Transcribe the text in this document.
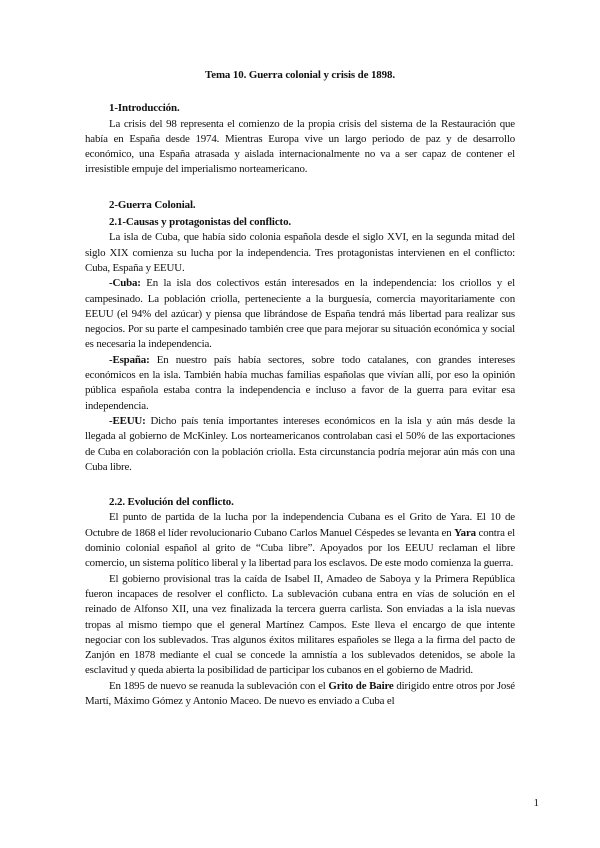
Tema 10. Guerra colonial y crisis de 1898.
1-Introducción.

La crisis del 98 representa el comienzo de la propia crisis del sistema de la Restauración que había en España desde 1974. Mientras Europa vive un largo periodo de paz y de desarrollo económico, una España atrasada y aislada internacionalmente no va a ser capaz de contener el irresistible empuje del imperialismo norteamericano.

2-Guerra Colonial.
2.1-Causas y protagonistas del conflicto.

La isla de Cuba, que había sido colonia española desde el siglo XVI, en la segunda mitad del siglo XIX comienza su lucha por la independencia. Tres protagonistas intervienen en el conflicto: Cuba, España y EEUU.

-Cuba: En la isla dos colectivos están interesados en la independencia: los criollos y el campesinado. La población criolla, perteneciente a la burguesía, comercia mayoritariamente con EEUU (el 94% del azúcar) y piensa que librándose de España tendrá más libertad para realizar sus negocios. Por su parte el campesinado también cree que para mejorar su situación económica y social es necesaria la independencia.

-España: En nuestro país había sectores, sobre todo catalanes, con grandes intereses económicos en la isla. También había muchas familias españolas que vivían allí, por eso la opinión pública española estaba contra la independencia e incluso a favor de la guerra para evitar esa independencia.

-EEUU: Dicho país tenía importantes intereses económicos en la isla y aún más desde la llegada al gobierno de McKinley. Los norteamericanos controlaban casi el 50% de las exportaciones de Cuba en colaboración con la población criolla. Esta circunstancia podría mejorar aún más con una Cuba libre.

2.2. Evolución del conflicto.

El punto de partida de la lucha por la independencia Cubana es el Grito de Yara. El 10 de Octubre de 1868 el líder revolucionario Cubano Carlos Manuel Céspedes se levanta en Yara contra el dominio colonial español al grito de “Cuba libre”. Apoyados por los EEUU reclaman el libre comercio, un sistema político liberal y la libertad para los esclavos. De este modo comienza la guerra.

El gobierno provisional tras la caída de Isabel II, Amadeo de Saboya y la Primera República fueron incapaces de resolver el conflicto. La sublevación cubana entra en vías de solución en el reinado de Alfonso XII, una vez finalizada la tercera guerra carlista. Son enviadas a la isla nuevas tropas al mismo tiempo que el general Martínez Campos. Este lleva el encargo de que intente negociar con los sublevados. Tras algunos éxitos militares españoles se llega a la firma del pacto de Zanjón en 1878 mediante el cual se concede la amnistía a los sublevados detenidos, se abole la esclavitud y queda abierta la posibilidad de participar los cubanos en el gobierno de Madrid.

En 1895 de nuevo se reanuda la sublevación con el Grito de Baire dirigido entre otros por José Martí, Máximo Gómez y Antonio Maceo. De nuevo es enviado a Cuba el

1
